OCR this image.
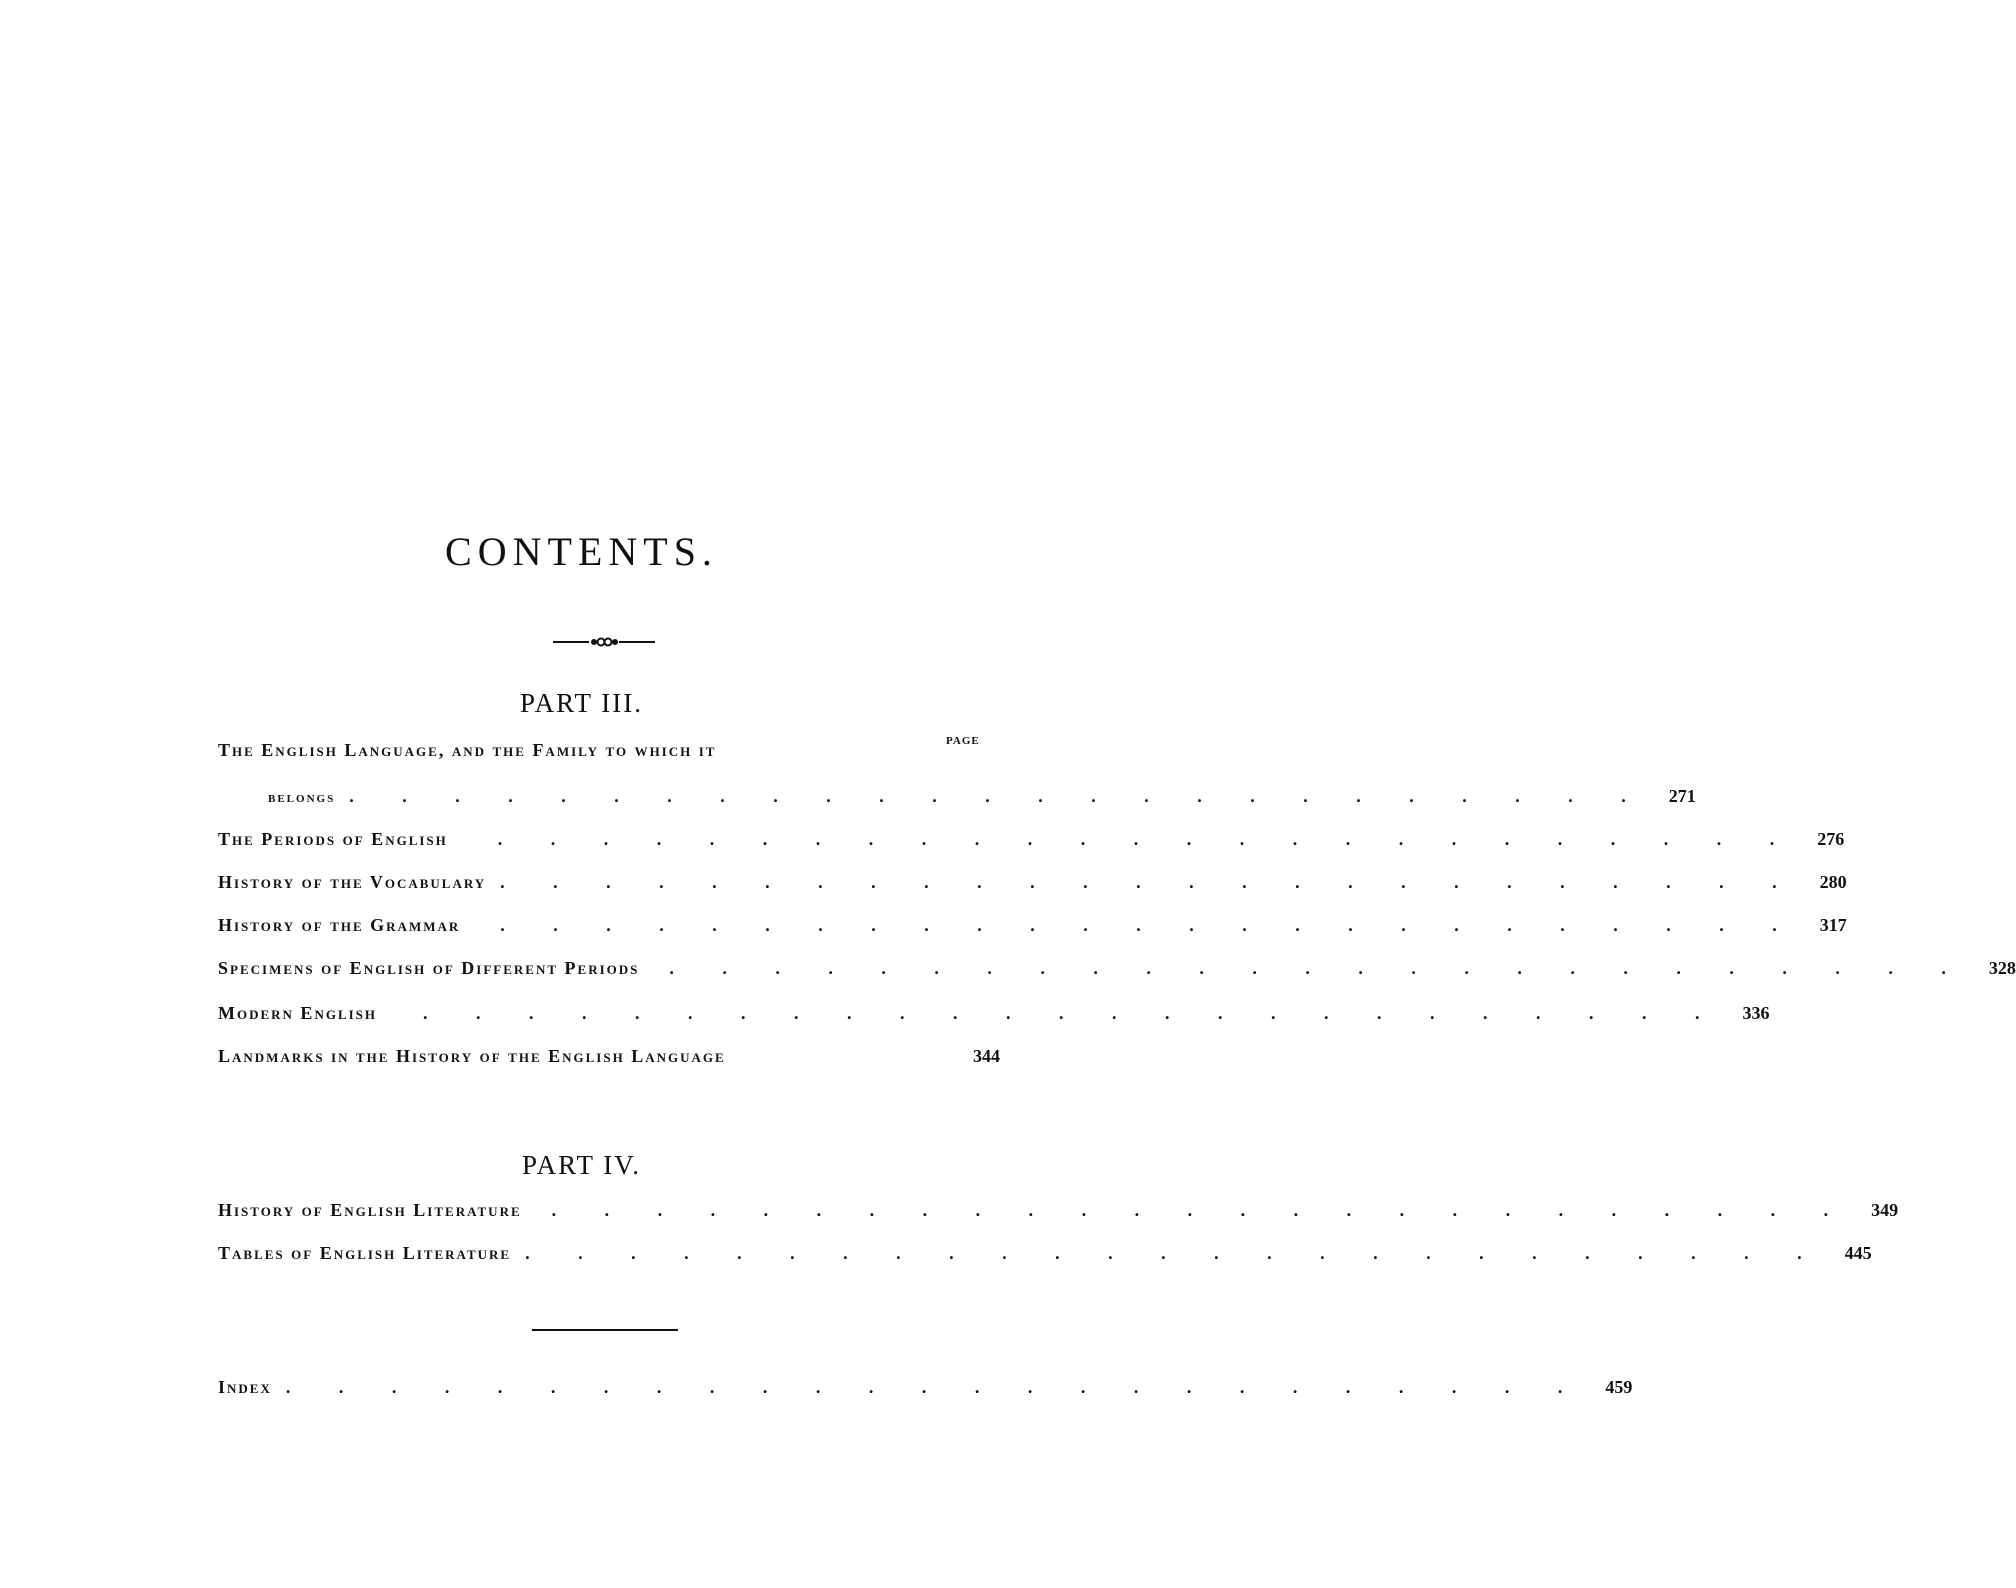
CONTENTS.
PART III.
PAGE
The English Language, and the Family to which it
belongs . . . . . . . . . . . . . . . . . . . . . . . . .	271
The Periods of English	. . . . . . . . . . . . . . . . . . . . . . . . .	276
History of the Vocabulary . . . . . . . . . . . . . . . . . . . . . . . . .	280
History of the Grammar	. . . . . . . . . . . . . . . . . . . . . . . . .	317
Specimens of English of Different Periods	. . . . . . . . . . . . . . . . . . . . . . . . .	328
Modern English	. . . . . . . . . . . . . . . . . . . . . . . . .	336
Landmarks in the History of the English Language	344
PART IV.
History of English Literature	. . . . . . . . . . . . . . . . . . . . . . . . .	349
Tables of English Literature . . . . . . . . . . . . . . . . . . . . . . . . .	445
Index . . . . . . . . . . . . . . . . . . . . . . . . .	459
